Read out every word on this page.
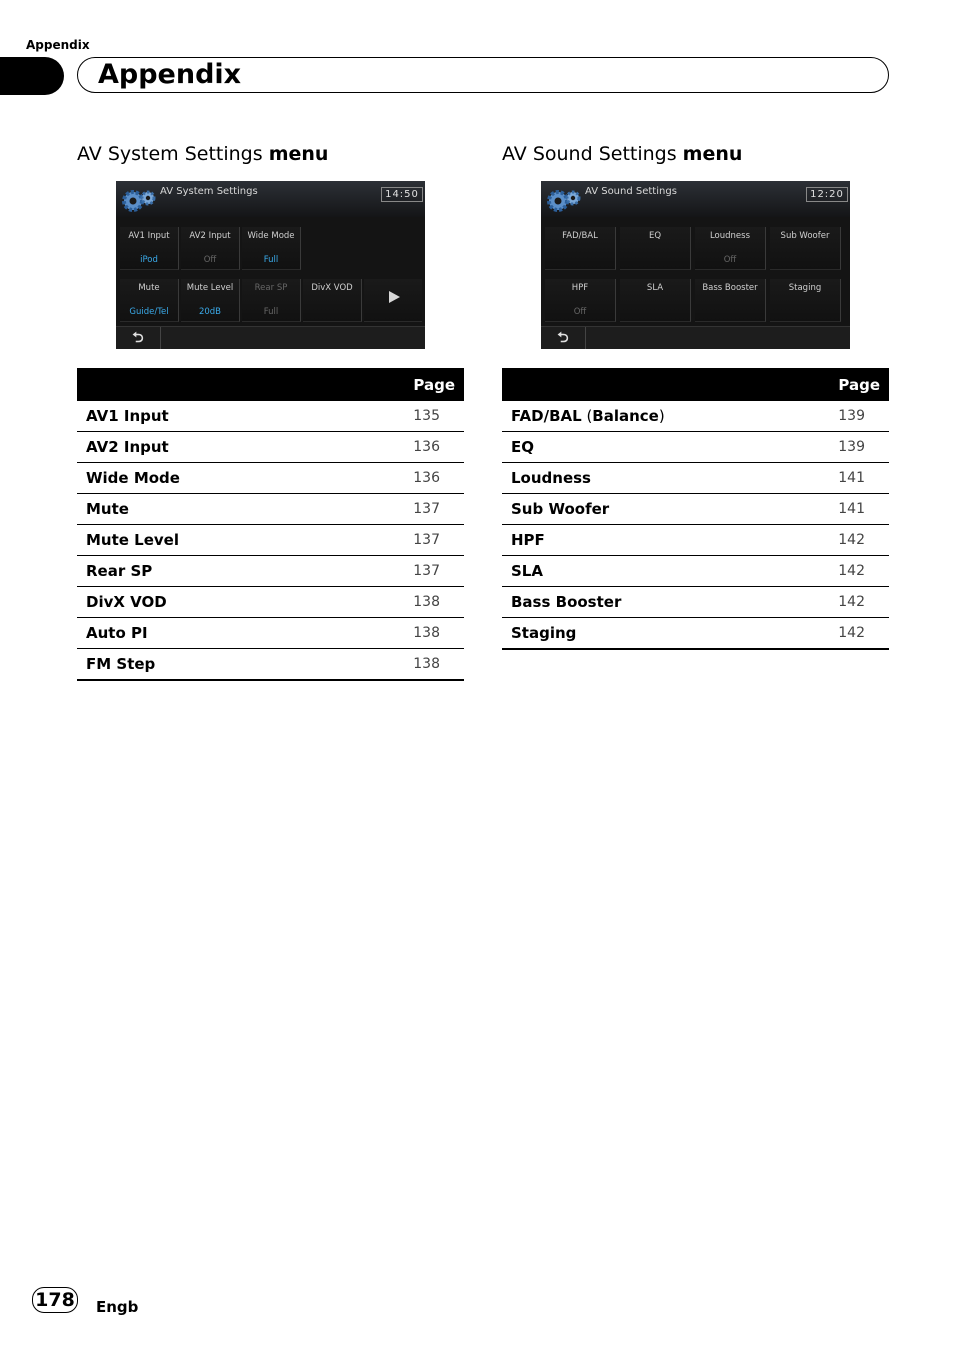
Appendix
Appendix
AV System Settings menu
AV System Settings	14:50
AV1 Input
iPod
AV2 Input
Off
Wide Mode
Full
Mute
Guide/Tel
Mute Level
20dB
Rear SP
Full
DivX VOD
⮌
	Page
AV1 Input	135
AV2 Input	136
Wide Mode	136
Mute	137
Mute Level	137
Rear SP	137
DivX VOD	138
Auto PI	138
FM Step	138
AV Sound Settings menu
AV Sound Settings	12:20
FAD/BAL	EQ	Loudness
Off
Sub Woofer
HPF
Off
SLA	Bass Booster	Staging
⮌
	Page
FAD/BAL (Balance)	139
EQ	139
Loudness	141
Sub Woofer	141
HPF	142
SLA	142
Bass Booster	142
Staging	142
178 Engb
